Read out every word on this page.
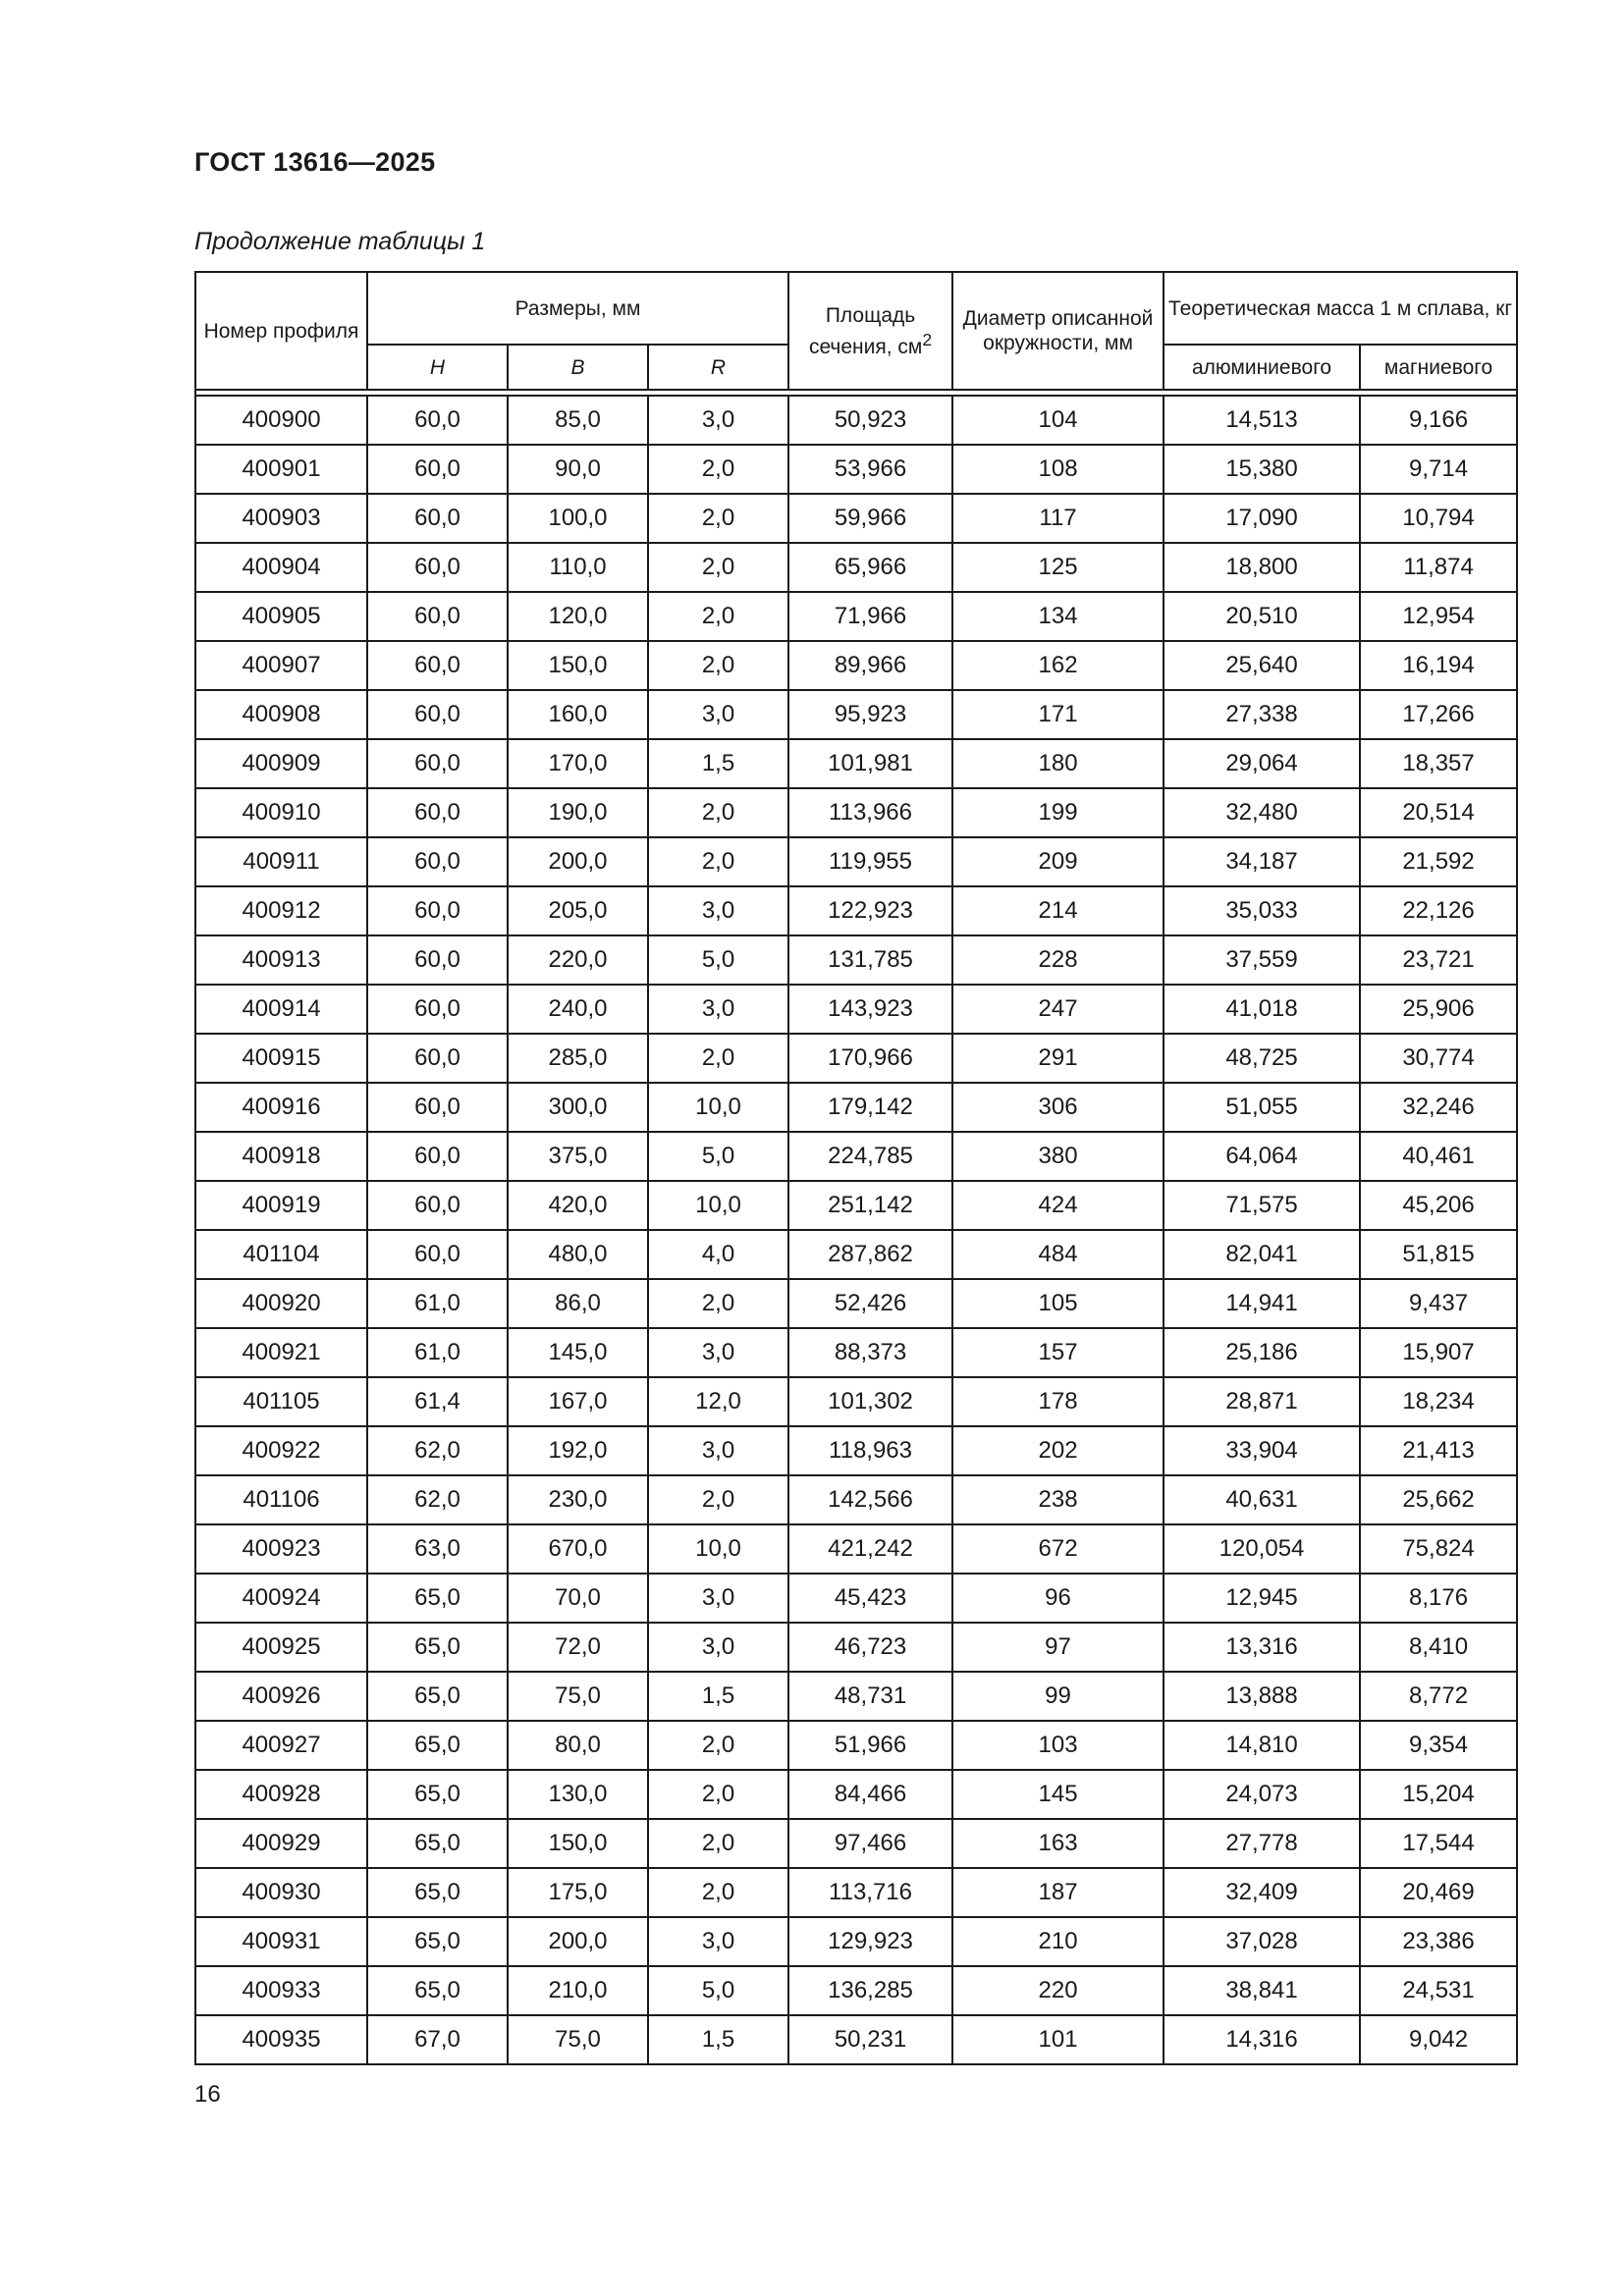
ГОСТ 13616—2025
Продолжение таблицы 1
Номер профиля	Размеры, мм			Площадь сечения, $см^2$	Диаметр описанной окружности, мм	Теоретическая масса 1 м сплава, кг	
	H	B	R			алюминиевого	магниевого

400900	60,0	85,0	3,0	50,923	104	14,513	9,166
400901	60,0	90,0	2,0	53,966	108	15,380	9,714
400903	60,0	100,0	2,0	59,966	117	17,090	10,794
400904	60,0	110,0	2,0	65,966	125	18,800	11,874
400905	60,0	120,0	2,0	71,966	134	20,510	12,954
400907	60,0	150,0	2,0	89,966	162	25,640	16,194
400908	60,0	160,0	3,0	95,923	171	27,338	17,266
400909	60,0	170,0	1,5	101,981	180	29,064	18,357
400910	60,0	190,0	2,0	113,966	199	32,480	20,514
400911	60,0	200,0	2,0	119,955	209	34,187	21,592
400912	60,0	205,0	3,0	122,923	214	35,033	22,126
400913	60,0	220,0	5,0	131,785	228	37,559	23,721
400914	60,0	240,0	3,0	143,923	247	41,018	25,906
400915	60,0	285,0	2,0	170,966	291	48,725	30,774
400916	60,0	300,0	10,0	179,142	306	51,055	32,246
400918	60,0	375,0	5,0	224,785	380	64,064	40,461
400919	60,0	420,0	10,0	251,142	424	71,575	45,206
401104	60,0	480,0	4,0	287,862	484	82,041	51,815
400920	61,0	86,0	2,0	52,426	105	14,941	9,437
400921	61,0	145,0	3,0	88,373	157	25,186	15,907
401105	61,4	167,0	12,0	101,302	178	28,871	18,234
400922	62,0	192,0	3,0	118,963	202	33,904	21,413
401106	62,0	230,0	2,0	142,566	238	40,631	25,662
400923	63,0	670,0	10,0	421,242	672	120,054	75,824
400924	65,0	70,0	3,0	45,423	96	12,945	8,176
400925	65,0	72,0	3,0	46,723	97	13,316	8,410
400926	65,0	75,0	1,5	48,731	99	13,888	8,772
400927	65,0	80,0	2,0	51,966	103	14,810	9,354
400928	65,0	130,0	2,0	84,466	145	24,073	15,204
400929	65,0	150,0	2,0	97,466	163	27,778	17,544
400930	65,0	175,0	2,0	113,716	187	32,409	20,469
400931	65,0	200,0	3,0	129,923	210	37,028	23,386
400933	65,0	210,0	5,0	136,285	220	38,841	24,531
400935	67,0	75,0	1,5	50,231	101	14,316	9,042
16
